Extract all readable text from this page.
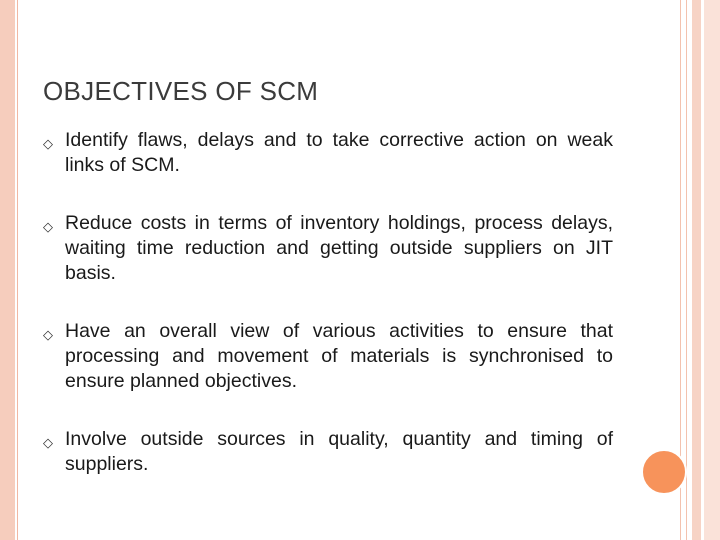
OBJECTIVES OF SCM
◇ Identify flaws, delays and to take corrective action on weak links of SCM.
◇ Reduce costs in terms of inventory holdings, process delays, waiting time reduction and getting outside suppliers on JIT basis.
◇ Have an overall view of various activities to ensure that processing and movement of materials is synchronised to ensure planned objectives.
◇ Involve outside sources in quality, quantity and timing of suppliers.
